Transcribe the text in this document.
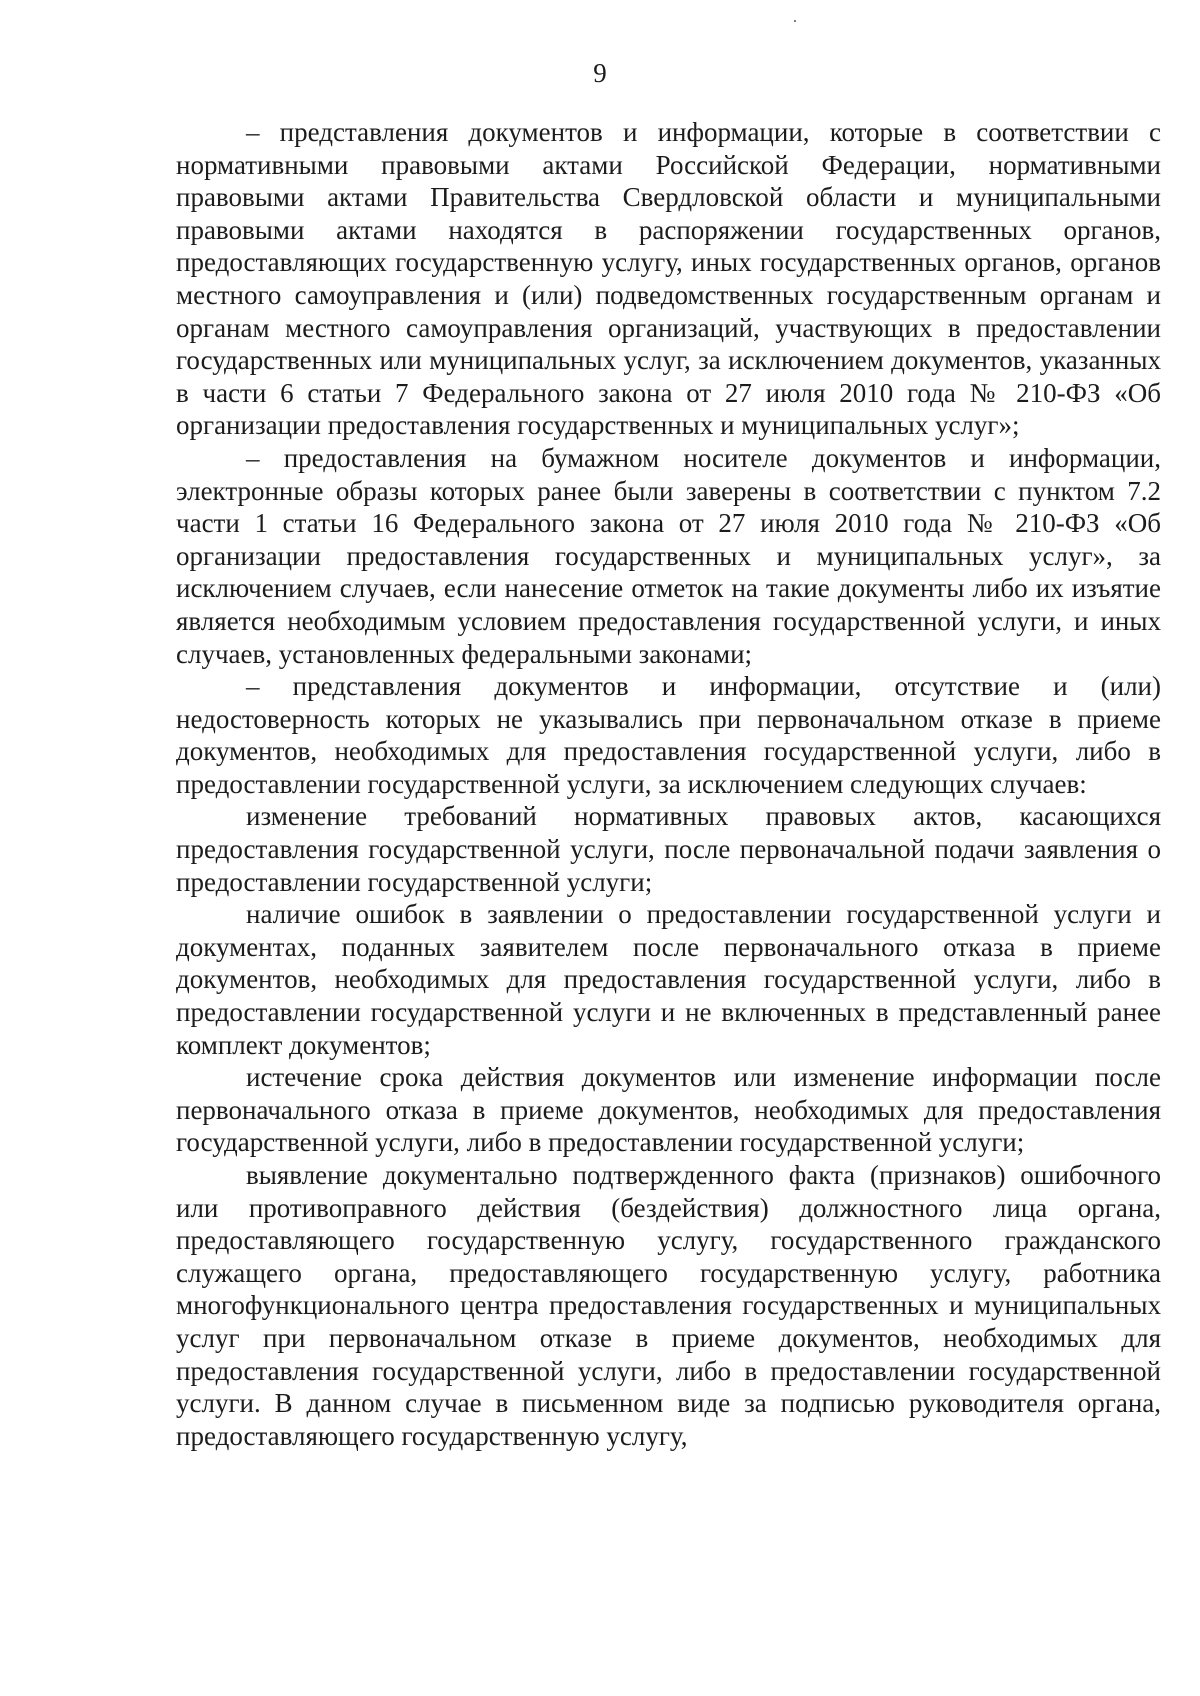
9

– представления документов и информации, которые в соответствии с нормативными правовыми актами Российской Федерации, нормативными правовыми актами Правительства Свердловской области и муниципальными правовыми актами находятся в распоряжении государственных органов, предоставляющих государственную услугу, иных государственных органов, органов местного самоуправления и (или) подведомственных государственным органам и органам местного самоуправления организаций, участвующих в предоставлении государственных или муниципальных услуг, за исключением документов, указанных в части 6 статьи 7 Федерального закона от 27 июля 2010 года № 210-ФЗ «Об организации предоставления государственных и муниципальных услуг»;

– предоставления на бумажном носителе документов и информации, электронные образы которых ранее были заверены в соответствии с пунктом 7.2 части 1 статьи 16 Федерального закона от 27 июля 2010 года № 210-ФЗ «Об организации предоставления государственных и муниципальных услуг», за исключением случаев, если нанесение отметок на такие документы либо их изъятие является необходимым условием предоставления государственной услуги, и иных случаев, установленных федеральными законами;

– представления документов и информации, отсутствие и (или) недостоверность которых не указывались при первоначальном отказе в приеме документов, необходимых для предоставления государственной услуги, либо в предоставлении государственной услуги, за исключением следующих случаев:

изменение требований нормативных правовых актов, касающихся предоставления государственной услуги, после первоначальной подачи заявления о предоставлении государственной услуги;

наличие ошибок в заявлении о предоставлении государственной услуги и документах, поданных заявителем после первоначального отказа в приеме документов, необходимых для предоставления государственной услуги, либо в предоставлении государственной услуги и не включенных в представленный ранее комплект документов;

истечение срока действия документов или изменение информации после первоначального отказа в приеме документов, необходимых для предоставления государственной услуги, либо в предоставлении государственной услуги;

выявление документально подтвержденного факта (признаков) ошибочного или противоправного действия (бездействия) должностного лица органа, предоставляющего государственную услугу, государственного гражданского служащего органа, предоставляющего государственную услугу, работника многофункционального центра предоставления государственных и муниципальных услуг при первоначальном отказе в приеме документов, необходимых для предоставления государственной услуги, либо в предоставлении государственной услуги. В данном случае в письменном виде за подписью руководителя органа, предоставляющего государственную услугу,
